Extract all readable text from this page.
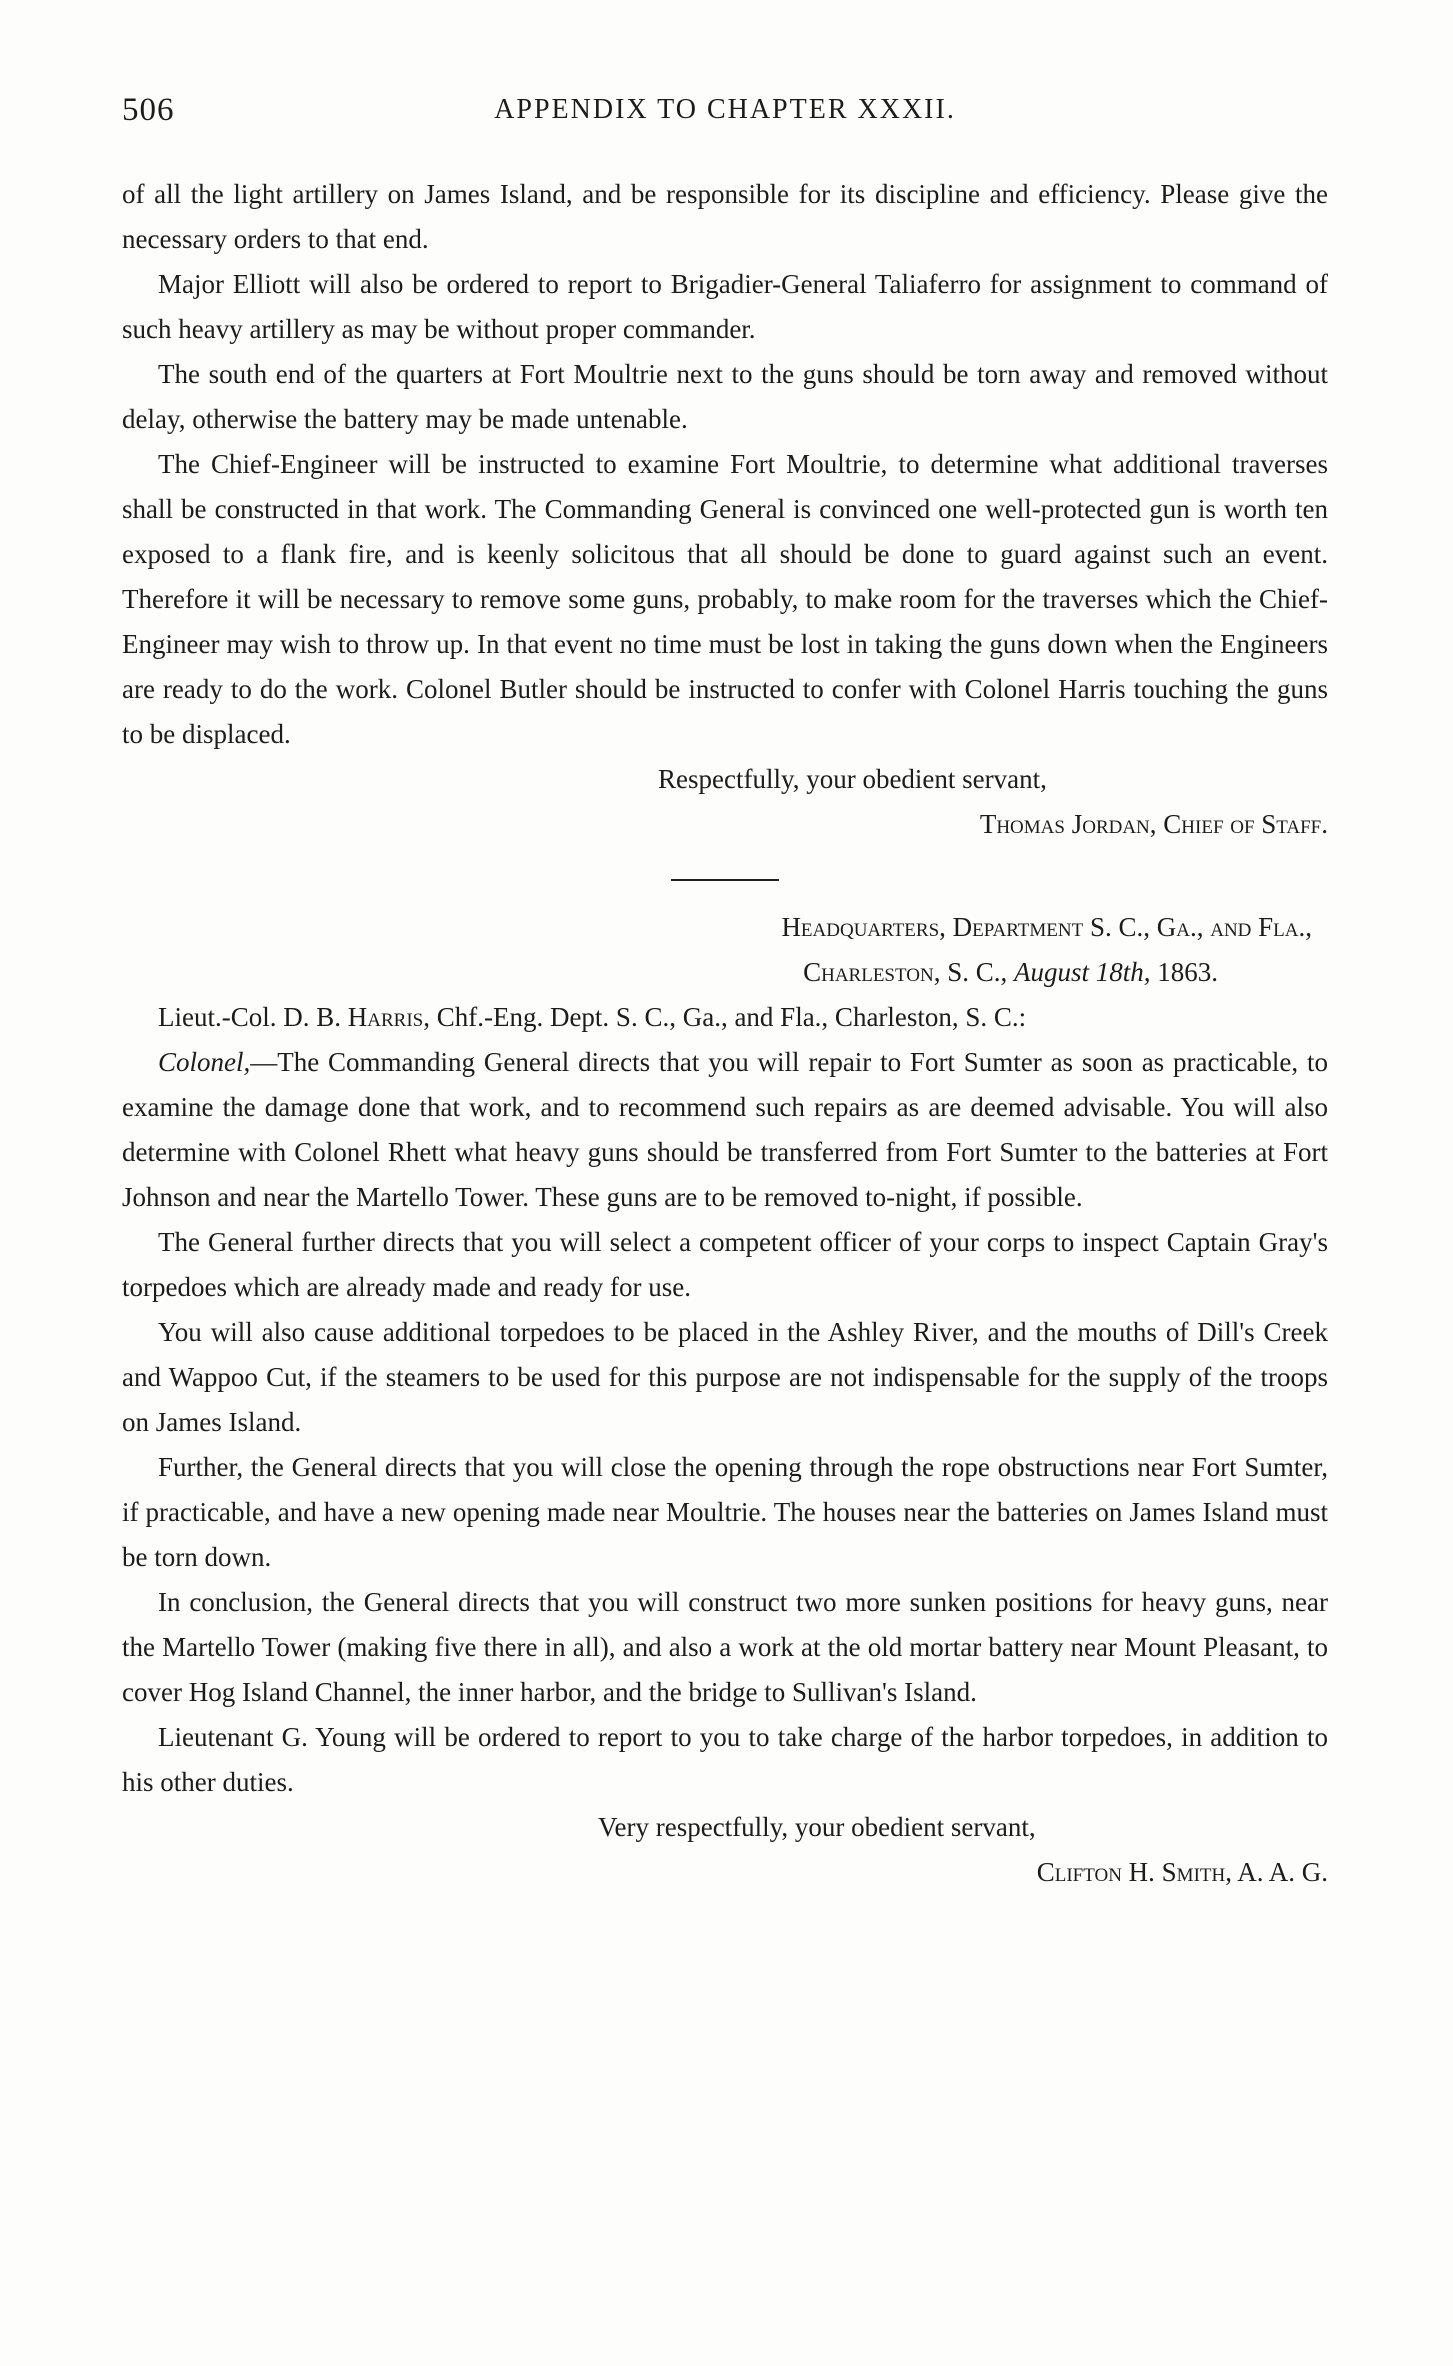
506	APPENDIX TO CHAPTER XXXII.

of all the light artillery on James Island, and be responsible for its discipline and efficiency. Please give the necessary orders to that end.

Major Elliott will also be ordered to report to Brigadier-General Taliaferro for assignment to command of such heavy artillery as may be without proper commander.

The south end of the quarters at Fort Moultrie next to the guns should be torn away and removed without delay, otherwise the battery may be made untenable.

The Chief-Engineer will be instructed to examine Fort Moultrie, to determine what additional traverses shall be constructed in that work. The Commanding General is convinced one well-protected gun is worth ten exposed to a flank fire, and is keenly solicitous that all should be done to guard against such an event. Therefore it will be necessary to remove some guns, probably, to make room for the traverses which the Chief-Engineer may wish to throw up. In that event no time must be lost in taking the guns down when the Engineers are ready to do the work. Colonel Butler should be instructed to confer with Colonel Harris touching the guns to be displaced.

Respectfully, your obedient servant,

Thomas Jordan, Chief of Staff.

Headquarters, Department S. C., Ga., and Fla.,

Charleston, S. C., August 18th, 1863.

Lieut.-Col. D. B. Harris, Chf.-Eng. Dept. S. C., Ga., and Fla., Charleston, S. C.:

Colonel,—The Commanding General directs that you will repair to Fort Sumter as soon as practicable, to examine the damage done that work, and to recommend such repairs as are deemed advisable. You will also determine with Colonel Rhett what heavy guns should be transferred from Fort Sumter to the batteries at Fort Johnson and near the Martello Tower. These guns are to be removed to-night, if possible.

The General further directs that you will select a competent officer of your corps to inspect Captain Gray's torpedoes which are already made and ready for use.

You will also cause additional torpedoes to be placed in the Ashley River, and the mouths of Dill's Creek and Wappoo Cut, if the steamers to be used for this purpose are not indispensable for the supply of the troops on James Island.

Further, the General directs that you will close the opening through the rope obstructions near Fort Sumter, if practicable, and have a new opening made near Moultrie. The houses near the batteries on James Island must be torn down.

In conclusion, the General directs that you will construct two more sunken positions for heavy guns, near the Martello Tower (making five there in all), and also a work at the old mortar battery near Mount Pleasant, to cover Hog Island Channel, the inner harbor, and the bridge to Sullivan's Island.

Lieutenant G. Young will be ordered to report to you to take charge of the harbor torpedoes, in addition to his other duties.

Very respectfully, your obedient servant,

Clifton H. Smith, A. A. G.
